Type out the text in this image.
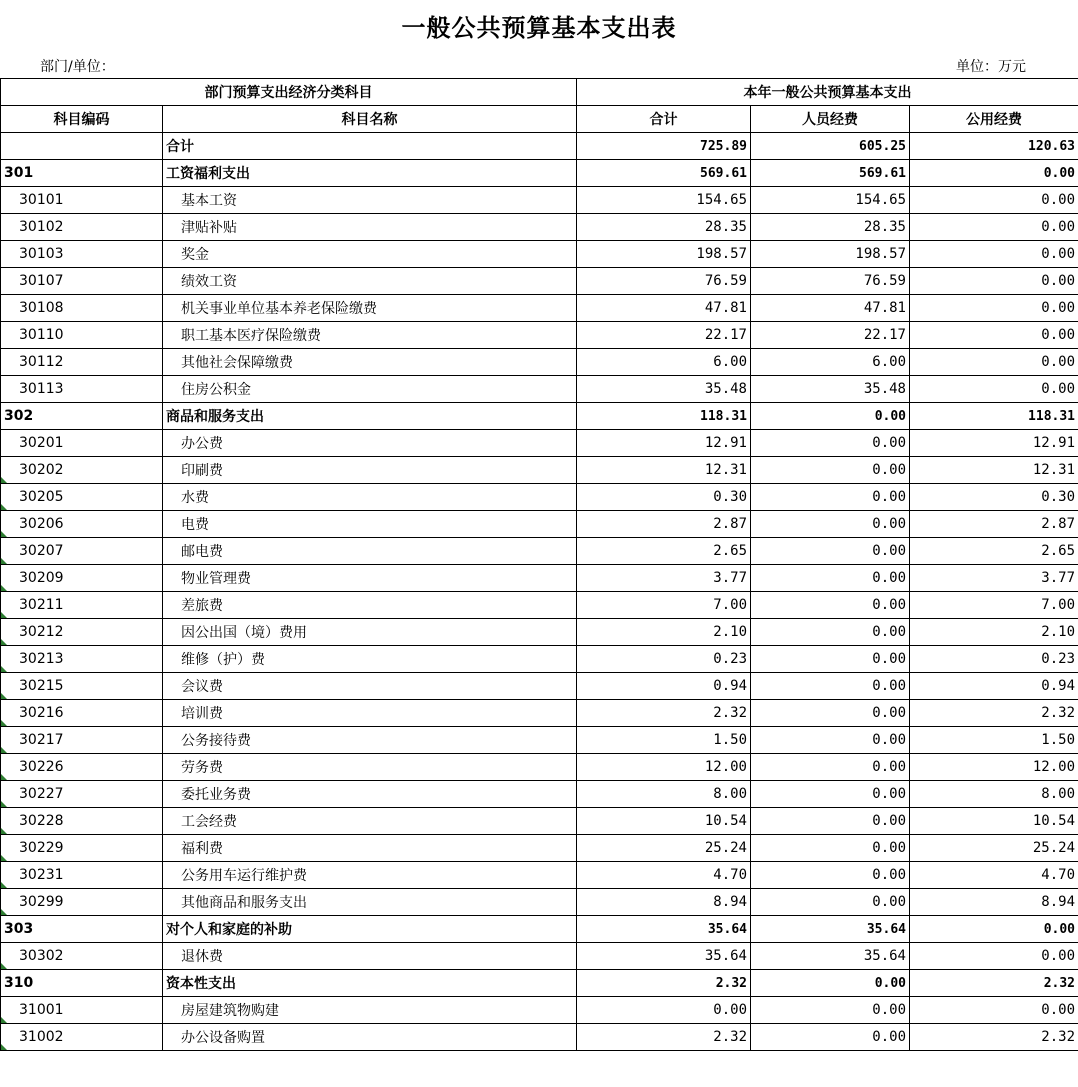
一般公共预算基本支出表
部门/单位：	单位：万元
部门预算支出经济分类科目		本年一般公共预算基本支出		
科目编码	科目名称	合计	人员经费	公用经费
	合计	725.89	605.25	120.63
301	工资福利支出	569.61	569.61	0.00
30101	基本工资	154.65	154.65	0.00
30102	津贴补贴	28.35	28.35	0.00
30103	奖金	198.57	198.57	0.00
30107	绩效工资	76.59	76.59	0.00
30108	机关事业单位基本养老保险缴费	47.81	47.81	0.00
30110	职工基本医疗保险缴费	22.17	22.17	0.00
30112	其他社会保障缴费	6.00	6.00	0.00
30113	住房公积金	35.48	35.48	0.00
302	商品和服务支出	118.31	0.00	118.31
30201	办公费	12.91	0.00	12.91
30202	印刷费	12.31	0.00	12.31
30205	水费	0.30	0.00	0.30
30206	电费	2.87	0.00	2.87
30207	邮电费	2.65	0.00	2.65
30209	物业管理费	3.77	0.00	3.77
30211	差旅费	7.00	0.00	7.00
30212	因公出国（境）费用	2.10	0.00	2.10
30213	维修（护）费	0.23	0.00	0.23
30215	会议费	0.94	0.00	0.94
30216	培训费	2.32	0.00	2.32
30217	公务接待费	1.50	0.00	1.50
30226	劳务费	12.00	0.00	12.00
30227	委托业务费	8.00	0.00	8.00
30228	工会经费	10.54	0.00	10.54
30229	福利费	25.24	0.00	25.24
30231	公务用车运行维护费	4.70	0.00	4.70
30299	其他商品和服务支出	8.94	0.00	8.94
303	对个人和家庭的补助	35.64	35.64	0.00
30302	退休费	35.64	35.64	0.00
310	资本性支出	2.32	0.00	2.32
31001	房屋建筑物购建	0.00	0.00	0.00
31002	办公设备购置	2.32	0.00	2.32
